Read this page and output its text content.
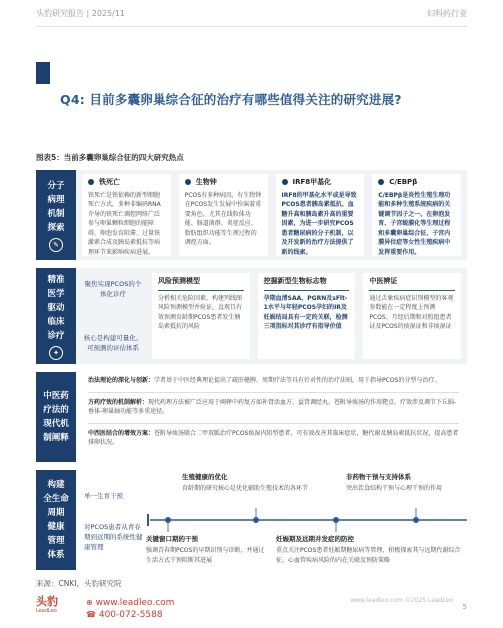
头豹研究报告 | 2025/11	妇科药行业
Q4: 目前多囊卵巢综合征的治疗有哪些值得关注的研究进展?
图表5：当前多囊卵巢综合征的四大研究热点
分子
病理
机制
探索
✎
铁死亡
铁死亡是铁依赖的新型细胞死亡方式，多种非编码RNA介导的铁死亡调控网络广泛参与卵巢颗粒细胞的能障碍，卵泡发育阻滞、过量铁激素合成及胰岛素抵抗等病理环节来影响疾病进展。
生物钟
PCOS有多种病因，有生物钟在PCOS发生发展中扮演着重要角色，尤其在线粒体功能、肠道菌群、炎症反应、脂肪组织功能等生理过程的调控方面。
IRF8甲基化
IRF8的甲基化水平或是导致PCOS患者胰岛素抵抗、血糖升高和胰岛素升高的重要因素，为进一步研究PCOS患者糖尿病的分子机制，以及开发新的治疗方法提供了新的线索。
C/EBPβ
C/EBPβ是炎性生殖生理功能和多种生殖系统疾病的关键调节因子之一。在卵泡发育、子宫蜕膜化等生理过程和多囊卵巢综合征、子宫内膜异位症等女性生殖疾病中发挥重要作用。
精准
医学
驱动
临床
诊疗
✦
聚焦实现PCOS的个体化诊疗
核心是构建可量化、可预测的评估体系
风险预测模型
分析相关危险因素，构建列线图风险预测模型并验证，直观且有效预测育龄期PCOS患者发生胰岛素抵抗的风险
挖掘新型生物标志物
孕期血清SAA、PGRN及sFlt-1水平与年轻PCOS孕妇的IR及妊娠结局具有一定的关联，检测三项指标对其诊疗有指导价值
中医辨证
通过舌象疾病症识别模型的客观参数能在一定程度上预测PCOS、月经后期和对照组患者证及PCOS的痰湿证和非痰湿证
中医药
疗法的
现代机
制阐释
治法理论的深化与创新：学者基于中医经典理论提出了疏肝健脾、周期疗法等具有针对性的治疗法则，用于指导PCOS的分型与治疗。
方药疗效的机制解析：现代药理方法被广泛应用于阐释中药复方如补肾活血方、益肾调经丸、苍附导痰汤的作用靶点、疗效涉及调节下丘脑-垂体-卵巢轴功能等多重途径。
中西医结合的增效方案：苍附导痰汤联合二甲双胍治疗PCOS痰湿内阻型患者，可有效改善其临床症状，糖代谢及胰岛素抵抗状况，提高患者排卵状况。
构建
全生命
周期
健康
管理
体系
单一生育干预
对PCOS患者从青春期到远期的系统性健康管理
生殖健康的优化
育龄期的研究核心是优化辅助生殖技术的各环节
非药物干预与支持体系
突出饮食结构干预与心理干预的作用
关键窗口期的干预
强调青春期PCOS的早期识别与诊断，并通过生活方式干预阻断其进展
妊娠期及远期并发症的防控
重点关注PCOS患者妊娠期糖尿病等管理，积极探索其与远期代谢综合征、心血管疾病风险的内在关联及预防策略
来源：CNKI，头豹研究院
头豹
LeadLeo
⊕ www.leadleo.com
☎ 400-072-5588
www.leadleo.com ©2025 LeadLeo
5
